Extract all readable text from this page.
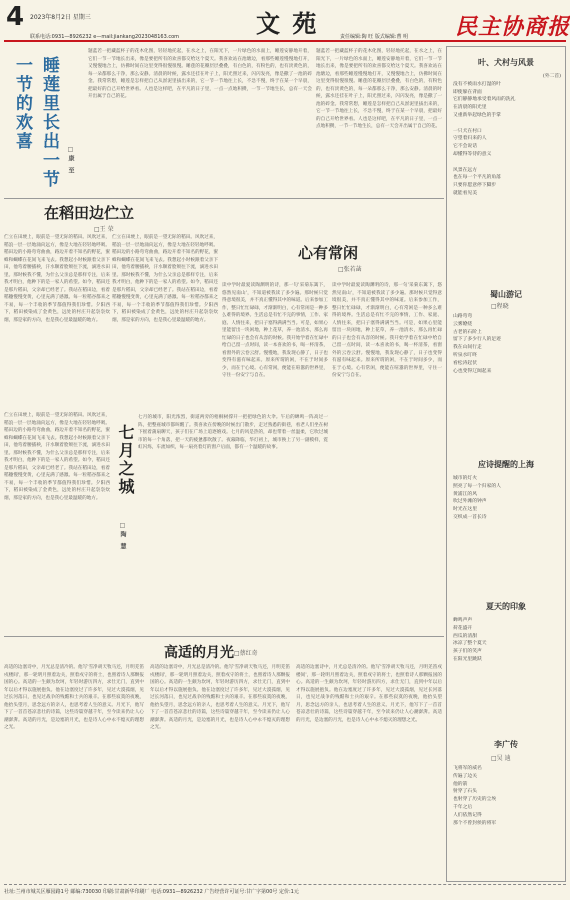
4 2023年8月2日 星期三
联系电话:0931—8926232 e—mail:jiankang2023048163.com	文 苑	责任编辑:陶 旺 版式编辑:曹 明 民主协商报
睡莲里长出一节一节的欢喜
□康 至
题蓝若一把藏蓝杯子的花木化图，轻轻地托起，在水之上，在阳光下，一片绿色的水面上，睡莲安静地开着，它们一节一节地长出来，像是要把所有的欢喜都交给这个夏天。我喜欢站在池塘边，看那些睡莲慢慢地打开，又慢慢地合上，仿佛时间在这里变得很慢很慢。睡莲的花瓣层层叠叠，有白色的，有粉色的，也有淡黄色的，每一朵都那么干净，那么安静。清晨的时候，露水还挂在叶子上，阳光照过来，闪闪发亮，像是撒了一池的碎金。我常常想，睡莲是怎样把自己从淤泥里拔出来的，它一节一节地往上长，不急不慢，终于在某一个早晨，把最好的自己开给世界看。人也是这样吧，在平凡的日子里，一点一点地积攒，一节一节地生长，总有一天会开出属于自己的花。
题蓝若一把藏蓝杯子的花木化图，轻轻地托起，在水之上，在阳光下，一片绿色的水面上，睡莲安静地开着，它们一节一节地长出来，像是要把所有的欢喜都交给这个夏天。我喜欢站在池塘边，看那些睡莲慢慢地打开，又慢慢地合上，仿佛时间在这里变得很慢很慢。睡莲的花瓣层层叠叠，有白色的，有粉色的，也有淡黄色的，每一朵都那么干净，那么安静。清晨的时候，露水还挂在叶子上，阳光照过来，闪闪发亮，像是撒了一池的碎金。我常常想，睡莲是怎样把自己从淤泥里拔出来的，它一节一节地往上长，不急不慢，终于在某一个早晨，把最好的自己开给世界看。人也是这样吧，在平凡的日子里，一点一点地积攒，一节一节地生长，总有一天会开出属于自己的花。
在稻田边伫立
□王 荣
伫立在田埂上，眼前是一望无际的稻田。风吹过来，稻浪一层一层地涌向远方，像是大地在轻轻地呼吸。稻田边的小路弯弯曲曲，路边开着不知名的野花，蜜蜂和蝴蝶在花间飞来飞去。我想起小时候跟着父亲下田，他弯着腰插秧，汗水顺着脸颊往下流，滴进水田里。那时候我不懂，为什么父亲总是那样专注，后来我才明白，他种下的是一家人的希望。如今，稻田还是那片稻田，父亲却已经老了。我站在稻田边，看着稻穗慢慢变黄，心里充满了感激。每一粒稻谷都来之不易，每一个丰收的季节都值得我们珍惜。夕阳西下，稻田被染成了金黄色，远处的村庄升起袅袅炊烟，那是家的方向，也是我心里最温暖的地方。
伫立在田埂上，眼前是一望无际的稻田。风吹过来，稻浪一层一层地涌向远方，像是大地在轻轻地呼吸。稻田边的小路弯弯曲曲，路边开着不知名的野花，蜜蜂和蝴蝶在花间飞来飞去。我想起小时候跟着父亲下田，他弯着腰插秧，汗水顺着脸颊往下流，滴进水田里。那时候我不懂，为什么父亲总是那样专注，后来我才明白，他种下的是一家人的希望。如今，稻田还是那片稻田，父亲却已经老了。我站在稻田边，看着稻穗慢慢变黄，心里充满了感激。每一粒稻谷都来之不易，每一个丰收的季节都值得我们珍惜。夕阳西下，稻田被染成了金黄色，远处的村庄升起袅袅炊烟，那是家的方向，也是我心里最温暖的地方。
伫立在田埂上，眼前是一望无际的稻田。风吹过来，稻浪一层一层地涌向远方，像是大地在轻轻地呼吸。稻田边的小路弯弯曲曲，路边开着不知名的野花，蜜蜂和蝴蝶在花间飞来飞去。我想起小时候跟着父亲下田，他弯着腰插秧，汗水顺着脸颊往下流，滴进水田里。那时候我不懂，为什么父亲总是那样专注，后来我才明白，他种下的是一家人的希望。如今，稻田还是那片稻田，父亲却已经老了。我站在稻田边，看着稻穗慢慢变黄，心里充满了感激。每一粒稻谷都来之不易，每一个丰收的季节都值得我们珍惜。夕阳西下，稻田被染成了金黄色，远处的村庄升起袅袅炊烟，那是家的方向，也是我心里最温暖的地方。
七月之城
□陶 慧
七月的城市，阳光浓烈，街道两旁的梧桐树撑开一把把绿色的大伞。午后的蝉鸣一阵高过一阵，把整座城市都叫醒了。我喜欢在傍晚的时候出门散步，走过熟悉的街巷，看老人们坐在树下摇着蒲扇聊天，孩子们在广场上追逐嬉戏。七月的风是热的，却也带着一丝温柔，它吹过城市的每一个角落，把一天的疲惫都吹散了。夜幕降临，华灯初上，城市换上了另一副模样，霓虹闪烁，车流如织，每一扇亮着灯的窗户后面，都有一个温暖的故事。
心有常闲
□张若菡
读中学时最爱读陶渊明的诗，那一句'采菊东篱下，悠然见南山'，不知道被我读了多少遍。那时候只觉得意境很美，并不真正懂得其中的味道。后来参加工作，整日忙忙碌碌，才渐渐明白，心有常闲是一种多么难得的境界。生活总是有忙不完的事情，工作、家庭、人情往来，把日子塞得满满当当。可是，如果心里能留出一块闲地，种上花草，养一池清水，那么再忙碌的日子也会有从容的时候。我开始学着在忙碌中给自己留一点时间，读一本喜欢的书，喝一杯清茶，看窗外的云卷云舒。慢慢地，我发现心静了，日子也变得有滋有味起来。原来所谓的闲，不在于时间多少，而在于心境。心有常闲，便能在喧嚣的世界里，守住一份安宁与自在。
读中学时最爱读陶渊明的诗，那一句'采菊东篱下，悠然见南山'，不知道被我读了多少遍。那时候只觉得意境很美，并不真正懂得其中的味道。后来参加工作，整日忙忙碌碌，才渐渐明白，心有常闲是一种多么难得的境界。生活总是有忙不完的事情，工作、家庭、人情往来，把日子塞得满满当当。可是，如果心里能留出一块闲地，种上花草，养一池清水，那么再忙碌的日子也会有从容的时候。我开始学着在忙碌中给自己留一点时间，读一本喜欢的书，喝一杯清茶，看窗外的云卷云舒。慢慢地，我发现心静了，日子也变得有滋有味起来。原来所谓的闲，不在于时间多少，而在于心境。心有常闲，便能在喧嚣的世界里，守住一份安宁与自在。
高适的月光 □蔡红奇
高适的边塞诗中，月光总是清冷的。他写'雪净胡天牧马还，月明羌笛戍楼间'，那一轮明月照着边关，照着戍守的将士，也照着诗人那颗报国的心。高适的一生颇为坎坷，年轻时游历四方，求仕无门，直到中年以后才得以施展抱负。他在边塞度过了许多年，见过大漠孤烟，见过长河落日，也见过战争的残酷和士兵的艰辛。在那些寂寞的夜晚，他抬头望月，思念远方的亲人，也思考着人生的意义。月光下，他写下了一首首苍凉悲壮的诗篇，这些诗篇穿越千年，至今读来仍让人心潮澎湃。高适的月光，是边塞的月光，也是诗人心中永不熄灭的理想之光。
高适的边塞诗中，月光总是清冷的。他写'雪净胡天牧马还，月明羌笛戍楼间'，那一轮明月照着边关，照着戍守的将士，也照着诗人那颗报国的心。高适的一生颇为坎坷，年轻时游历四方，求仕无门，直到中年以后才得以施展抱负。他在边塞度过了许多年，见过大漠孤烟，见过长河落日，也见过战争的残酷和士兵的艰辛。在那些寂寞的夜晚，他抬头望月，思念远方的亲人，也思考着人生的意义。月光下，他写下了一首首苍凉悲壮的诗篇，这些诗篇穿越千年，至今读来仍让人心潮澎湃。高适的月光，是边塞的月光，也是诗人心中永不熄灭的理想之光。
高适的边塞诗中，月光总是清冷的。他写'雪净胡天牧马还，月明羌笛戍楼间'，那一轮明月照着边关，照着戍守的将士，也照着诗人那颗报国的心。高适的一生颇为坎坷，年轻时游历四方，求仕无门，直到中年以后才得以施展抱负。他在边塞度过了许多年，见过大漠孤烟，见过长河落日，也见过战争的残酷和士兵的艰辛。在那些寂寞的夜晚，他抬头望月，思念远方的亲人，也思考着人生的意义。月光下，他写下了一首首苍凉悲壮的诗篇，这些诗篇穿越千年，至今读来仍让人心潮澎湃。高适的月光，是边塞的月光，也是诗人心中永不熄灭的理想之光。
叶、犬村与风景
(外二首)
没有不被雨水打湿的叶
即使躲在背面
它们静静地承受着风雨的洗礼
在清晨的阳光里
又重新举起绿色的手掌

一只犬在村口
守望着归来的人
它不会说话
却懂得等待的意义

风景在远方
也在每一个平凡的角落
只要你愿意停下脚步
就能看见美
蜀山游记
□程晓
山路弯弯
云雾缭绕
古老的石阶上
留下了多少行人的足迹
我在山间行走
听泉水叮咚
看松涛起伏
心也变得辽阔起来
应诗提醒的上海
城市的灯火
照亮了每一个归家的人
黄浦江的风
吹过外滩的钟声
时光在这里
交织成一首长诗
夏天的印象
蝉鸣声声
荷花盛开
西瓜的清甜
冰凉了整个夏天
孩子们的笑声
在阳光里跳跃
李广传
□吴 迪
飞将军的威名
传遍了边关
他的箭
射穿了石头
也射穿了历史的尘埃
千年之后
人们依然记得
那个不曾封侯的将军
社址:兰州市城关区雁园路1号 邮编:730030 印刷:甘肃新华印刷厂 电话:0931—8926232 广告经营许可证号:甘广字第00号 定价:1元
